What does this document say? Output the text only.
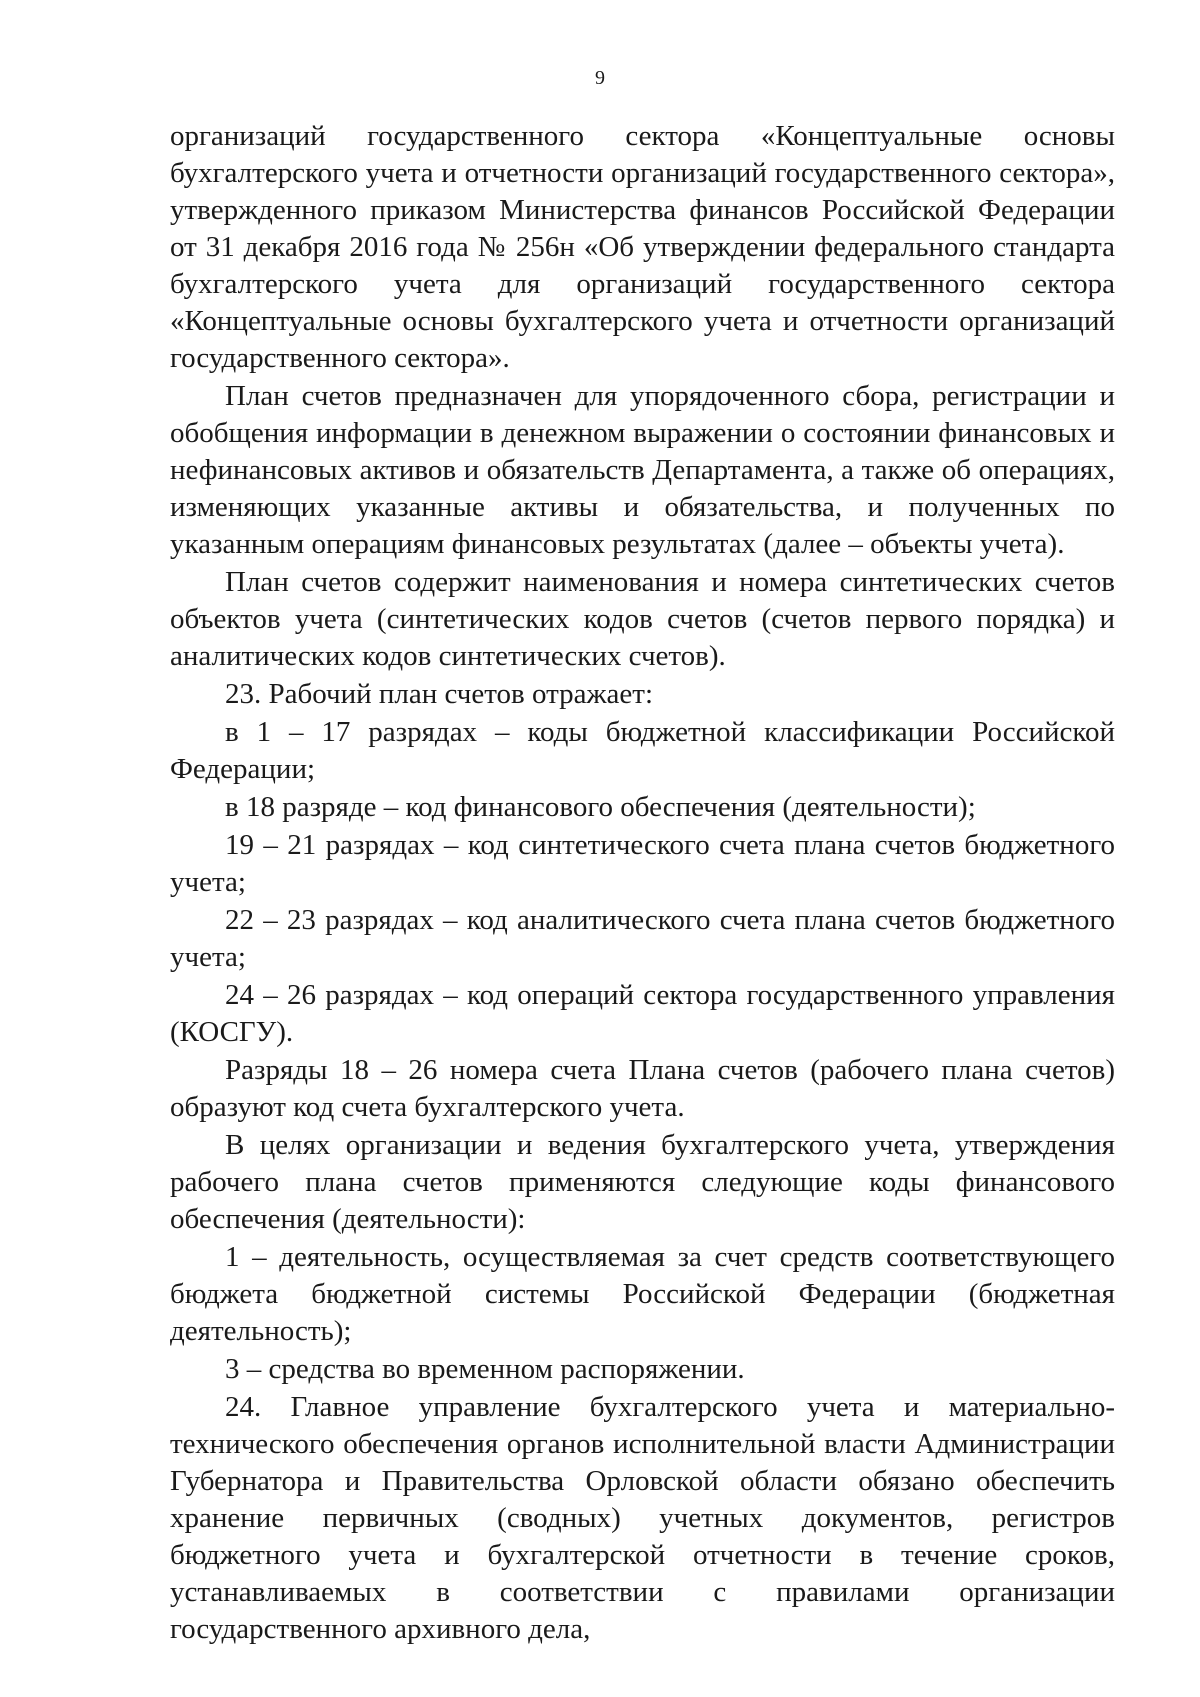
9

организаций государственного сектора «Концептуальные основы бухгалтерского учета и отчетности организаций государственного сектора», утвержденного приказом Министерства финансов Российской Федерации от 31 декабря 2016 года № 256н «Об утверждении федерального стандарта бухгалтерского учета для организаций государственного сектора «Концептуальные основы бухгалтерского учета и отчетности организаций государственного сектора».

План счетов предназначен для упорядоченного сбора, регистрации и обобщения информации в денежном выражении о состоянии финансовых и нефинансовых активов и обязательств Департамента, а также об операциях, изменяющих указанные активы и обязательства, и полученных по указанным операциям финансовых результатах (далее – объекты учета).

План счетов содержит наименования и номера синтетических счетов объектов учета (синтетических кодов счетов (счетов первого порядка) и аналитических кодов синтетических счетов).

23. Рабочий план счетов отражает:

в 1 – 17 разрядах – коды бюджетной классификации Российской Федерации;

в 18 разряде – код финансового обеспечения (деятельности);

19 – 21 разрядах – код синтетического счета плана счетов бюджетного учета;

22 – 23 разрядах – код аналитического счета плана счетов бюджетного учета;

24 – 26 разрядах – код операций сектора государственного управления (КОСГУ).

Разряды 18 – 26 номера счета Плана счетов (рабочего плана счетов) образуют код счета бухгалтерского учета.

В целях организации и ведения бухгалтерского учета, утверждения рабочего плана счетов применяются следующие коды финансового обеспечения (деятельности):

1 – деятельность, осуществляемая за счет средств соответствующего бюджета бюджетной системы Российской Федерации (бюджетная деятельность);

3 – средства во временном распоряжении.

24. Главное управление бухгалтерского учета и материально-технического обеспечения органов исполнительной власти Администрации Губернатора и Правительства Орловской области обязано обеспечить хранение первичных (сводных) учетных документов, регистров бюджетного учета и бухгалтерской отчетности в течение сроков, устанавливаемых в соответствии с правилами организации государственного архивного дела,
